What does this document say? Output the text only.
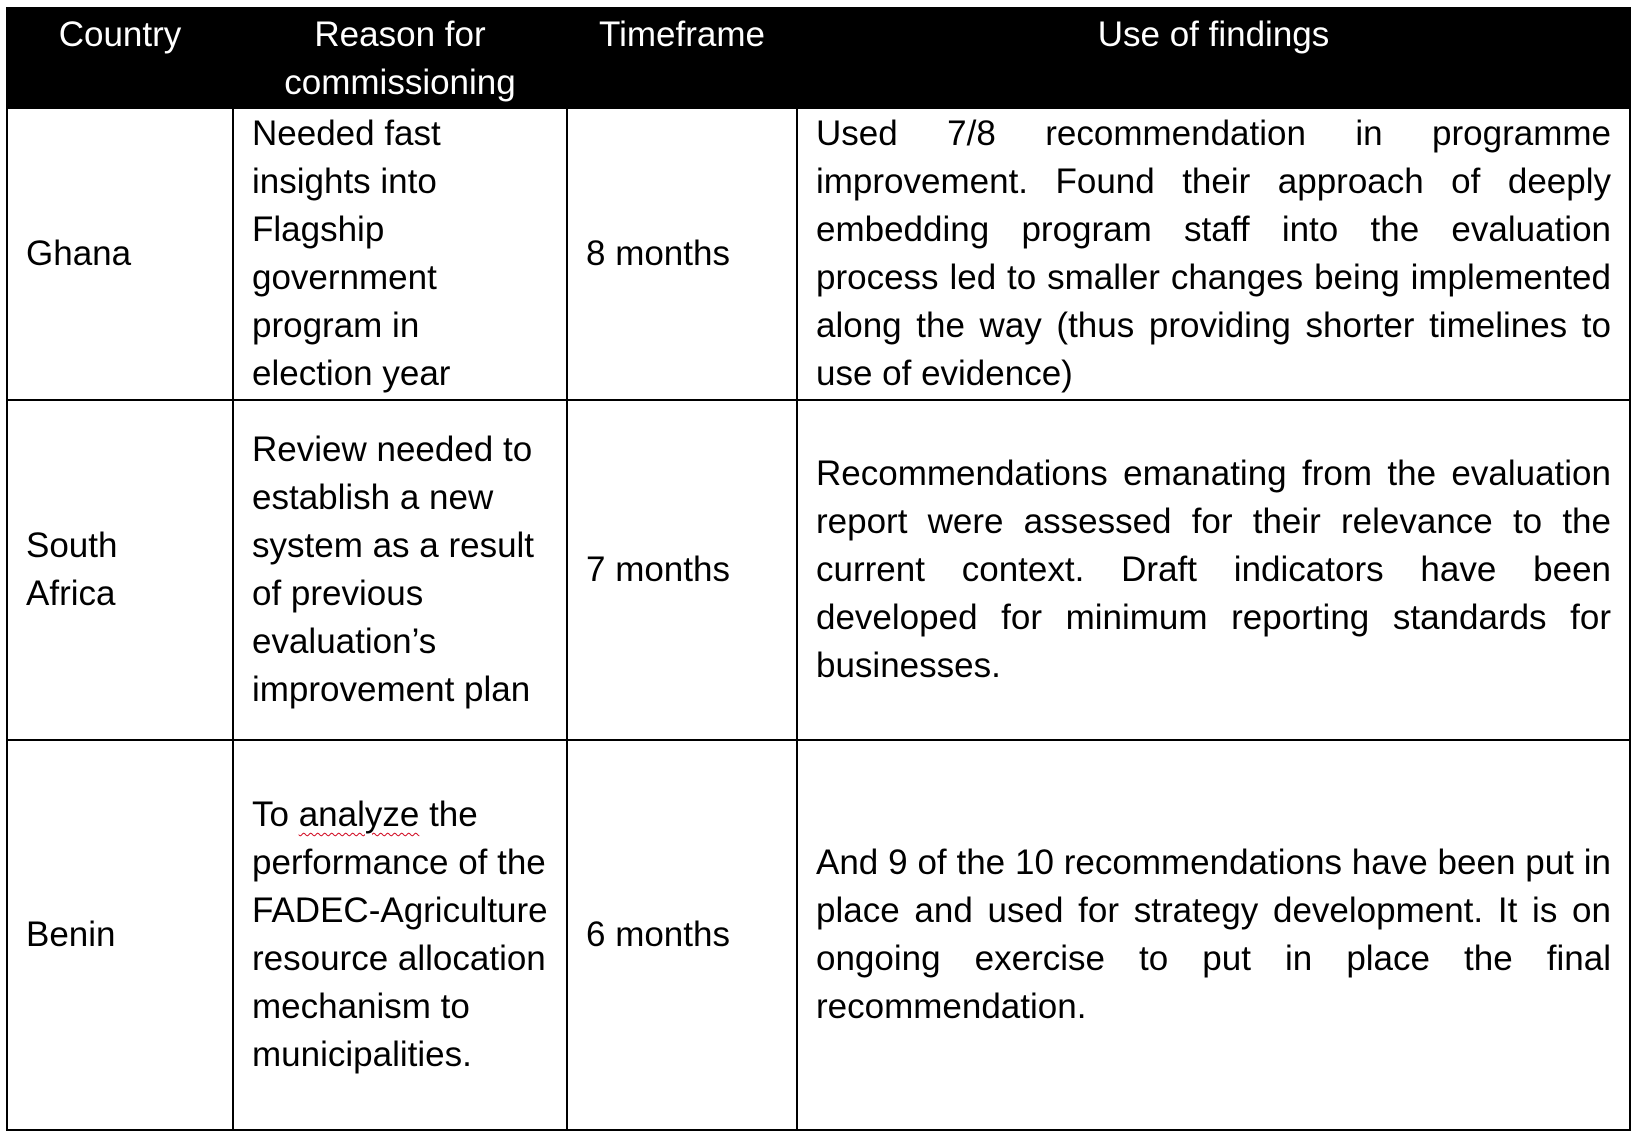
Country	Reason for commissioning	Timeframe	Use of findings
Ghana	Needed fast insights into Flagship government program in election year	8 months	Used 7/8 recommendation in programme improvement. Found their approach of deeply embedding program staff into the evaluation process led to smaller changes being implemented along the way (thus providing shorter timelines to use of evidence)
South Africa	Review needed to establish a new system as a result of previous evaluation’s improvement plan	7 months	Recommendations emanating from the evaluation report were assessed for their relevance to the current context. Draft indicators have been developed for minimum reporting standards for businesses.
Benin	To analyze the performance of the FADEC-Agriculture resource allocation mechanism to municipalities.	6 months	And 9 of the 10 recommendations have been put in place and used for strategy development. It is on ongoing exercise to put in place the final recommendation.
